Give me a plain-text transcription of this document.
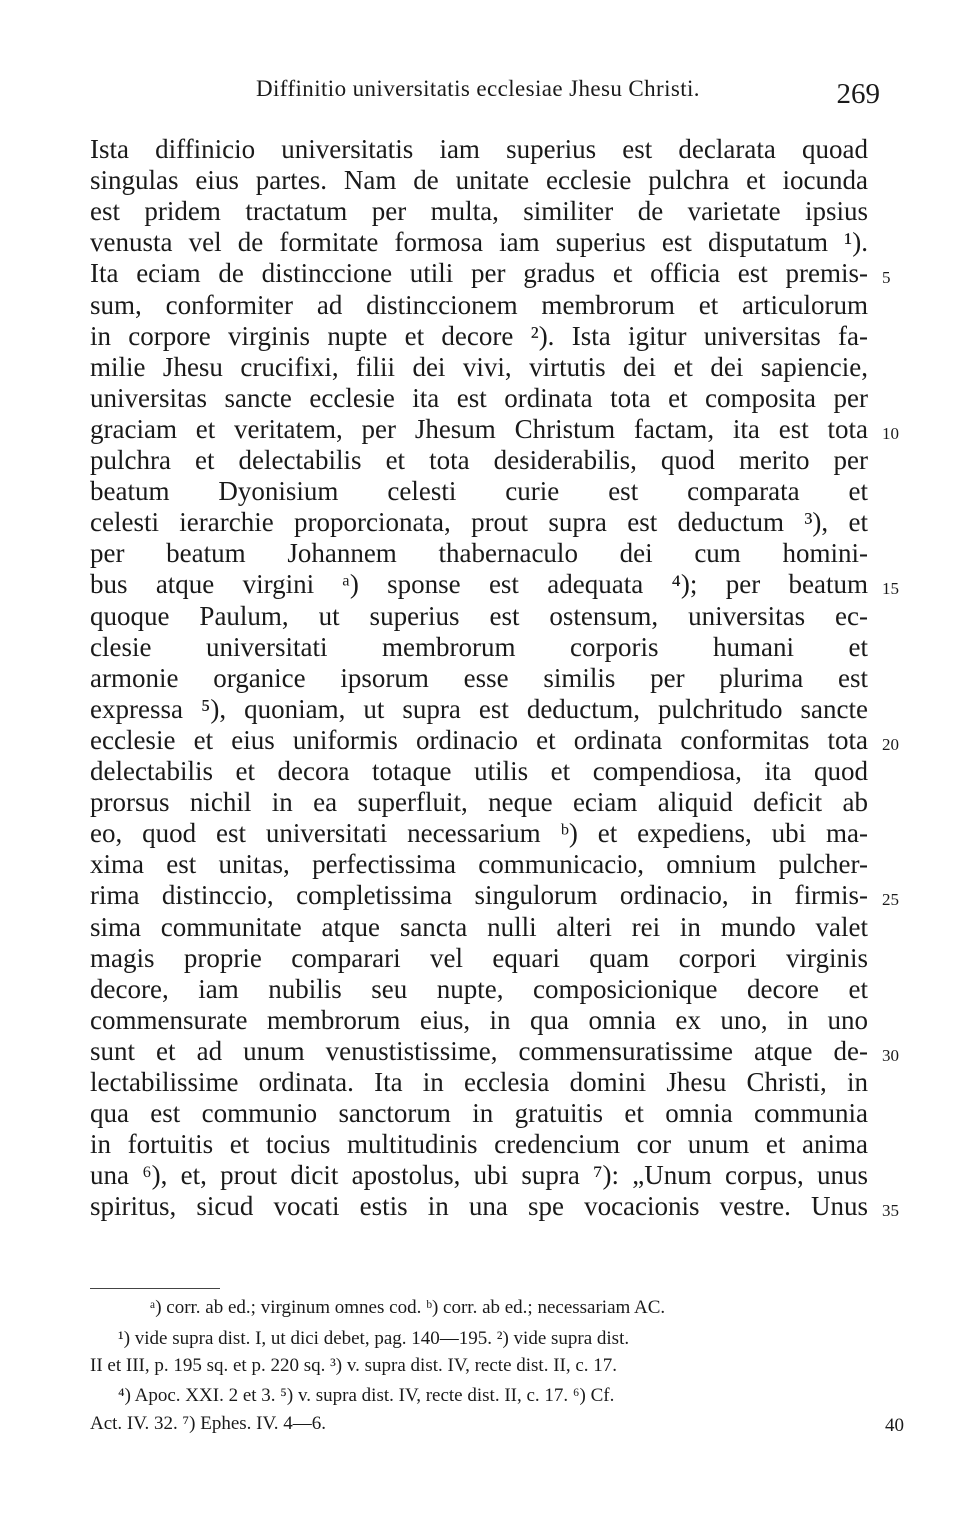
Diffinitio universitatis ecclesiae Jhesu Christi.	269
Ista diffinicio universitatis iam superius est declarata quoad
singulas eius partes. Nam de unitate ecclesie pulchra et iocunda
est pridem tractatum per multa, similiter de varietate ipsius
venusta vel de formitate formosa iam superius est disputatum ¹).
Ita eciam de distinccione utili per gradus et officia est premis-
sum, conformiter ad distinccionem membrorum et articulorum
in corpore virginis nupte et decore ²). Ista igitur universitas fa-
milie Jhesu crucifixi, filii dei vivi, virtutis dei et dei sapiencie,
universitas sancte ecclesie ita est ordinata tota et composita per
graciam et veritatem, per Jhesum Christum factam, ita est tota
pulchra et delectabilis et tota desiderabilis, quod merito per
beatum Dyonisium celesti curie est comparata et
celesti ierarchie proporcionata, prout supra est deductum ³), et
per beatum Johannem thabernaculo dei cum homini-
bus atque virgini ᵃ) sponse est adequata ⁴); per beatum
quoque Paulum, ut superius est ostensum, universitas ec-
clesie universitati membrorum corporis humani et
armonie organice ipsorum esse similis per plurima est
expressa ⁵), quoniam, ut supra est deductum, pulchritudo sancte
ecclesie et eius uniformis ordinacio et ordinata conformitas tota
delectabilis et decora totaque utilis et compendiosa, ita quod
prorsus nichil in ea superfluit, neque eciam aliquid deficit ab
eo, quod est universitati necessarium ᵇ) et expediens, ubi ma-
xima est unitas, perfectissima communicacio, omnium pulcher-
rima distinccio, completissima singulorum ordinacio, in firmis-
sima communitate atque sancta nulli alteri rei in mundo valet
magis proprie comparari vel equari quam corpori virginis
decore, iam nubilis seu nupte, composicionique decore et
commensurate membrorum eius, in qua omnia ex uno, in uno
sunt et ad unum venustistissime, commensuratissime atque de-
lectabilissime ordinata. Ita in ecclesia domini Jhesu Christi, in
qua est communio sanctorum in gratuitis et omnia communia
in fortuitis et tocius multitudinis credencium cor unum et anima
una ⁶), et, prout dicit apostolus, ubi supra ⁷): „Unum corpus, unus
spiritus, sicud vocati estis in una spe vocacionis vestre. Unus
5
10
15
20
25
30
35
ᵃ) corr. ab ed.; virginum omnes cod. ᵇ) corr. ab ed.; necessariam AC.
¹) vide supra dist. I, ut dici debet, pag. 140—195. ²) vide supra dist.
II et III, p. 195 sq. et p. 220 sq. ³) v. supra dist. IV, recte dist. II, c. 17.
⁴) Apoc. XXI. 2 et 3. ⁵) v. supra dist. IV, recte dist. II, c. 17. ⁶) Cf.
Act. IV. 32. ⁷) Ephes. IV. 4—6.	40
